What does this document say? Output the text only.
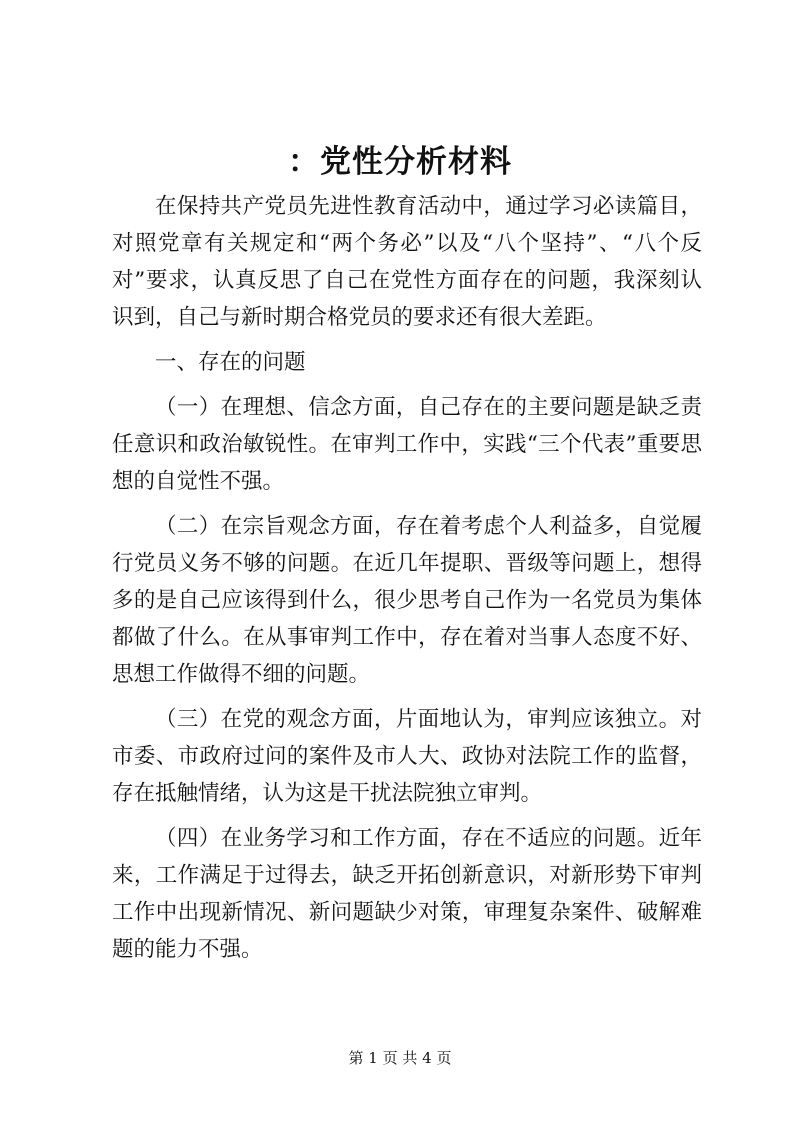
：党性分析材料

在保持共产党员先进性教育活动中，通过学习必读篇目，对照党章有关规定和“两个务必”以及“八个坚持”、“八个反对”要求，认真反思了自己在党性方面存在的问题，我深刻认识到，自己与新时期合格党员的要求还有很大差距。

一、存在的问题

（一）在理想、信念方面，自己存在的主要问题是缺乏责任意识和政治敏锐性。在审判工作中，实践“三个代表”重要思想的自觉性不强。

（二）在宗旨观念方面，存在着考虑个人利益多，自觉履行党员义务不够的问题。在近几年提职、晋级等问题上，想得多的是自己应该得到什么，很少思考自己作为一名党员为集体都做了什么。在从事审判工作中，存在着对当事人态度不好、思想工作做得不细的问题。

（三）在党的观念方面，片面地认为，审判应该独立。对市委、市政府过问的案件及市人大、政协对法院工作的监督，存在抵触情绪，认为这是干扰法院独立审判。

（四）在业务学习和工作方面，存在不适应的问题。近年来，工作满足于过得去，缺乏开拓创新意识，对新形势下审判工作中出现新情况、新问题缺少对策，审理复杂案件、破解难题的能力不强。

第 1 页 共 4 页
